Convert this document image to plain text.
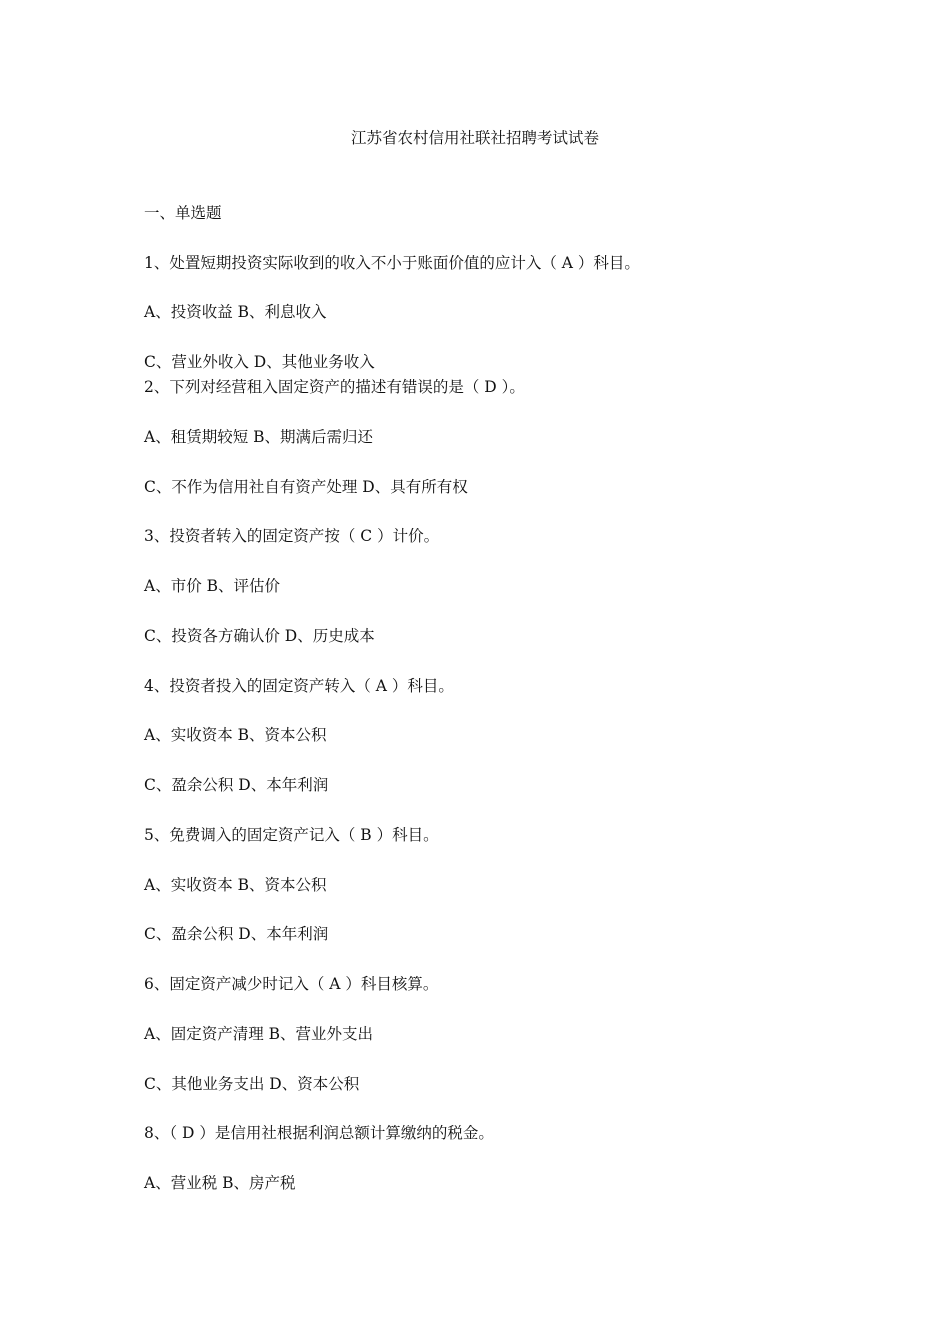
江苏省农村信用社联社招聘考试试卷
一、单选题
1、处置短期投资实际收到的收入不小于账面价值的应计入（ A ）科目。
A、投资收益 B、利息收入
C、营业外收入 D、其他业务收入
2、下列对经营租入固定资产的描述有错误的是（ D ）。
A、租赁期较短 B、期满后需归还
C、不作为信用社自有资产处理 D、具有所有权
3、投资者转入的固定资产按（ C ）计价。
A、市价 B、评估价
C、投资各方确认价 D、历史成本
4、投资者投入的固定资产转入（ A ）科目。
A、实收资本 B、资本公积
C、盈余公积 D、本年利润
5、免费调入的固定资产记入（ B ）科目。
A、实收资本 B、资本公积
C、盈余公积 D、本年利润
6、固定资产减少时记入（ A ）科目核算。
A、固定资产清理 B、营业外支出
C、其他业务支出 D、资本公积
8、（ D ）是信用社根据利润总额计算缴纳的税金。
A、营业税 B、房产税
